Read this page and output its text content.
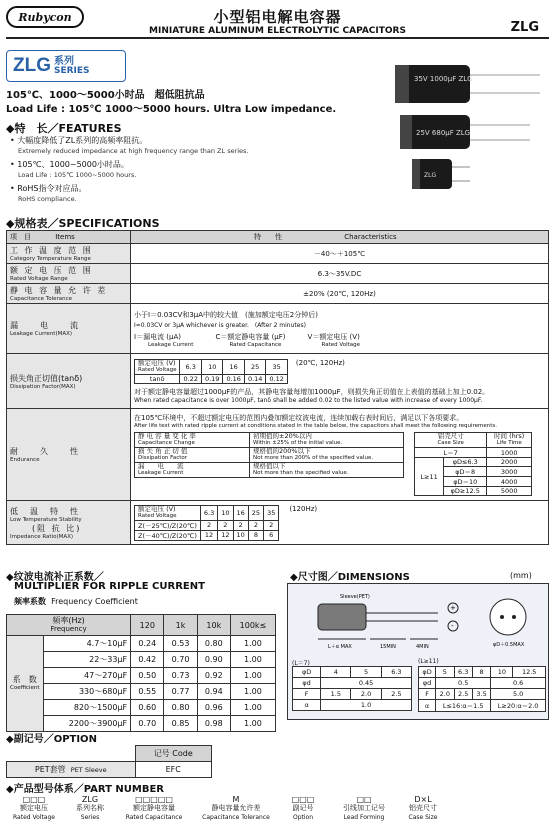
Rubycon	小型铝电解电容器
MINIATURE ALUMINUM ELECTROLYTIC CAPACITORS	ZLG
ZLG 系列
SERIES
105℃、1000～5000小时品　超低阻抗品
Load Life : 105℃ 1000～5000 hours. Ultra Low impedance.
◆特　长／FEATURES
• 大幅度降低了ZL系列的高频率阻抗。
Extremely reduced impedance at high frequency range than ZL series.
• 105℃、1000~5000小时品。
Load Life : 105℃ 1000~5000 hours.
• RoHS指令对应品。
RoHS compliance.
35V 1000μF ZLG
25V 680μF ZLG
ZLG
◆规格表／SPECIFICATIONS
项　目	Items	特　　性	Characteristics

工 作 温 度 范 围
Category Temperature Range
	－40～＋105℃

额 定 电 压 范 围
Rated Voltage Range
	6.3～35V.DC

静 电 容 量 允 许 差
Capacitance Tolerance
	±20% (20℃, 120Hz)

漏　　电　　流
Leakage Current(MAX)

小于I＝0.03CV和3μA中的较大值　(施加额定电压2分钟后)
I=0.03CV or 3μA whichever is greater.　(After 2 minutes)
I＝漏电流 (μA)
Leakage Current
C＝额定静电容量 (μF)
Rated Capacitance
V＝额定电压 (V)
Rated Voltage

损失角正切值(tanδ)
Dissipation Factor(MAX)

额定电压 (V)
Rated Voltage	6.3	10	16	25	35
tanδ	0.22	0.19	0.16	0.14	0.12
(20℃, 120Hz)
对于额定静电容量超过1000μF的产品，其静电容量每增加1000μF，则损失角正切值在上表值的基础上加上0.02。
When rated capacitance is over 1000μF, tanδ shall be added 0.02 to the listed value with increase of every 1000μF.

耐　　久　　性
Endurance

在105℃环境中，不超过额定电压的范围内叠加额定纹波电流，连续加载右表时间后，满足以下各项要求。
After life test with rated ripple current at conditions stated in the table below, the capacitors shall meet the following requirements.
静 电 容 量 变 化 率
Capacitance Change

初期值的±20%以内
Within ±25% of the initial value.

损 失 角 正 切 值
Dissipation Factor

规格值的200%以下
Not more than 200% of the specified value.

漏　　电　　流
Leakage Current

规格值以下
Not more than the specified value.
铝壳尺寸
Case Size

时间 (hrs)
Life Time

L＝7	1000
L≥11	φD≤6.3	2000
φD＝8	3000
φD＝10	4000
φD≥12.5	5000

低　温　特　性
Low Temperature Stability
(阻 抗 比)
Impedance Ratio(MAX)

额定电压 (V)
Rated Voltage	6.3	10	16	25	35
Z(－25℃)/Z(20℃)	2	2	2	2	2
Z(－40℃)/Z(20℃)	12	12	10	8	6
(120Hz)
◆纹波电流补正系数／
MULTIPLIER FOR RIPPLE CURRENT
频率系数 Frequency Coefficient
频率(Hz)
Frequency		120	1k	10k	100k≤

系　数
Coefficient	4.7～10μF	0.24	0.53	0.80	1.00
	22～33μF	0.42	0.70	0.90	1.00
	47～270μF	0.50	0.73	0.92	1.00
	330～680μF	0.55	0.77	0.94	1.00
	820～1500μF	0.60	0.80	0.96	1.00
	2200～3900μF	0.70	0.85	0.98	1.00
◆尺寸图／DIMENSIONS	(mm)
L＋α MAX	15MIN	4MIN
Sleeve(PET)
+
-
φD＋0.5MAX
(L＝7)
φD	4	5	6.3
φd	0.45		
F	1.5	2.0	2.5
α	1.0		
(L≥11)
φD	5	6.3	8	10	12.5
φd	0.5			0.6	
F	2.0	2.5	3.5	5.0	
α	L≤16:α＝1.5			L≥20:α＝2.0	
◆副记号／OPTION
	记号 Code
PET套管 PET Sleeve	EFC
◆产品型号体系／PART NUMBER
□□□
额定电压
Rated Voltage
ZLG
系列名称
Series
□□□□□
额定静电容量
Rated Capacitance
M
静电容量允许差
Capacitance Tolerance
□□□
副记号
Option
□□
引线加工记号
Lead Forming
D×L
铝壳尺寸
Case Size
